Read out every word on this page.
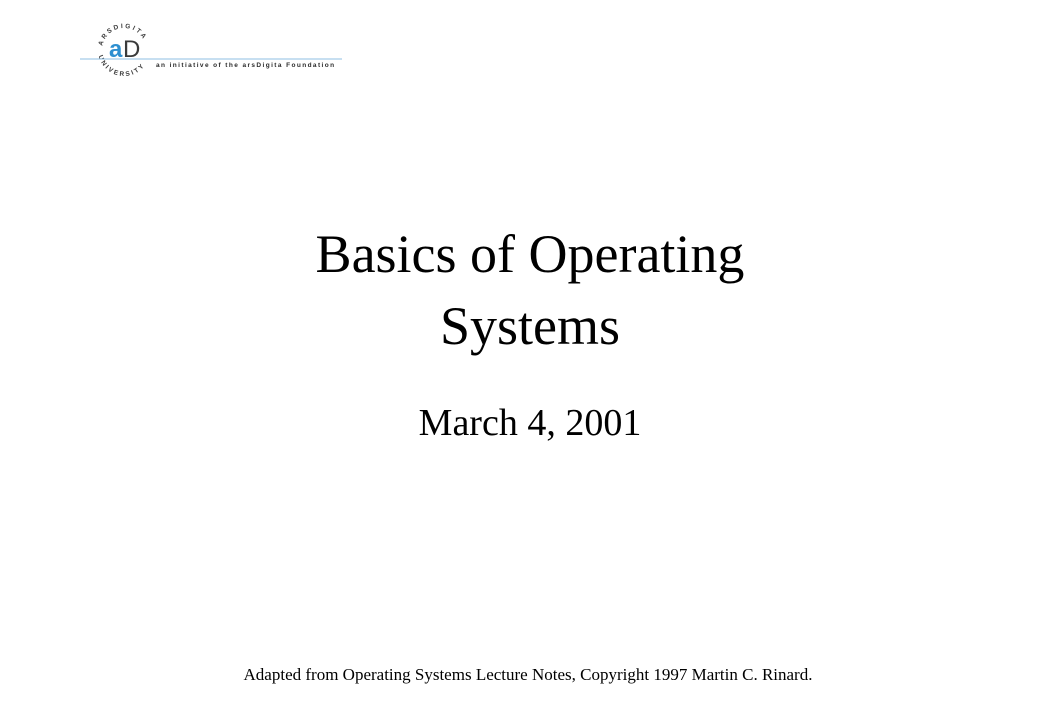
ARSDIGITA
UNIVERSITY
a D
an initiative of the arsDigita Foundation
Basics of Operating
Systems
March 4, 2001
Adapted from Operating Systems Lecture Notes, Copyright 1997 Martin C. Rinard.
